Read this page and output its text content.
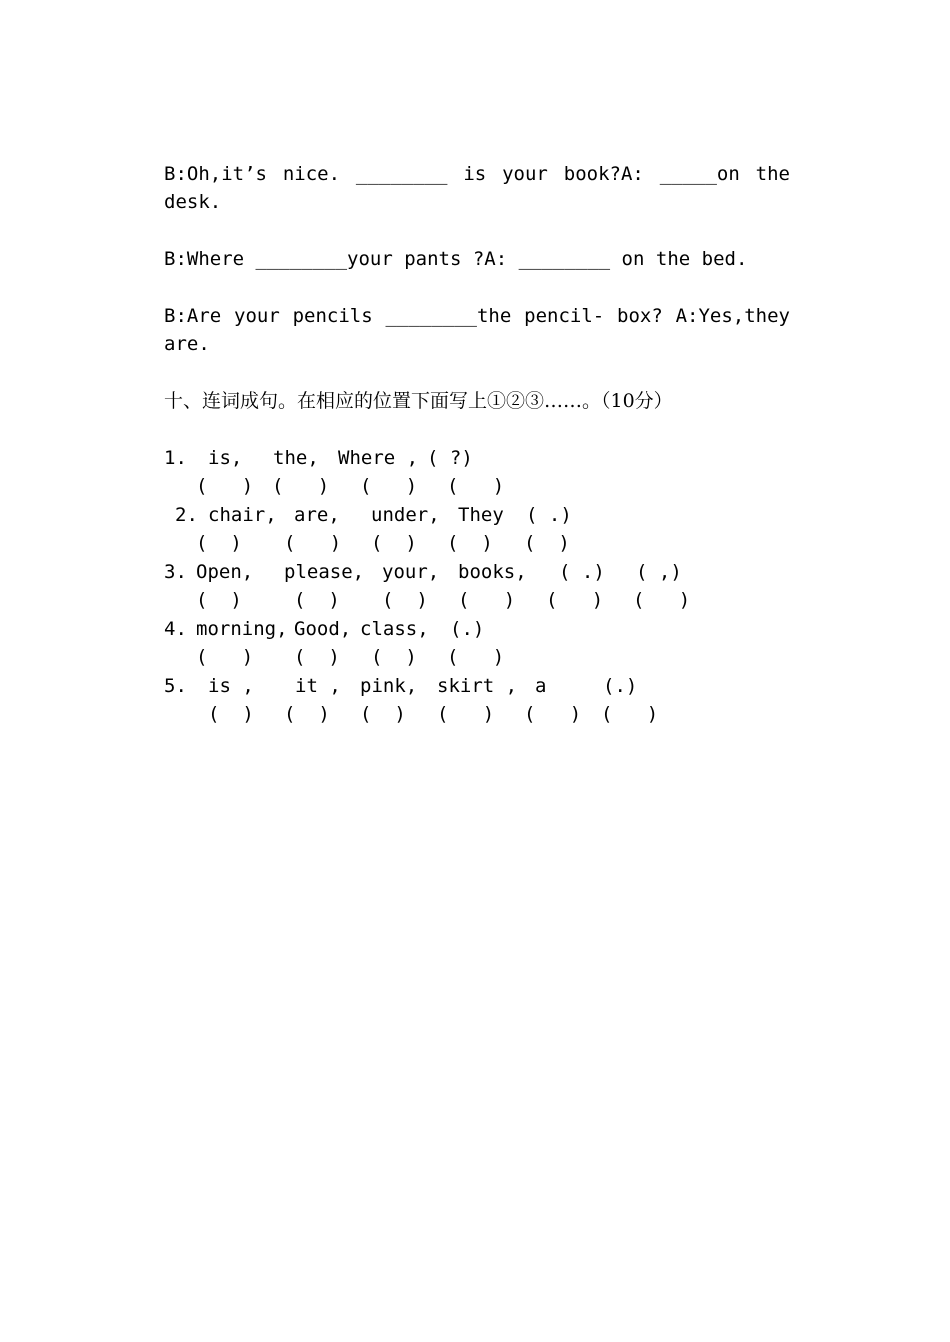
B:Oh,it’s nice. ________ is your book?A: _____on the desk.
B:Where ________your pants ?A: ________ on the bed.
B:Are your pencils ________the pencil- box? A:Yes,they are.
十、连词成句。在相应的位置下面写上①②③……。（10分）
1. is, the, Where , ( ?)
(   ) (   ) (   ) (   )
2. chair, are, under, They ( .)
(  ) (   ) (  ) (  ) (  )
3. Open, please, your, books, ( .) ( ,)
(  )	(  ) (  ) (   ) (   ) (   )
4. morning, Good, class, (.)
(   ) (  ) (  ) (   )
5. is , it , pink, skirt , a	(.)
(  ) (  ) (  ) (   ) (   ) (   )
